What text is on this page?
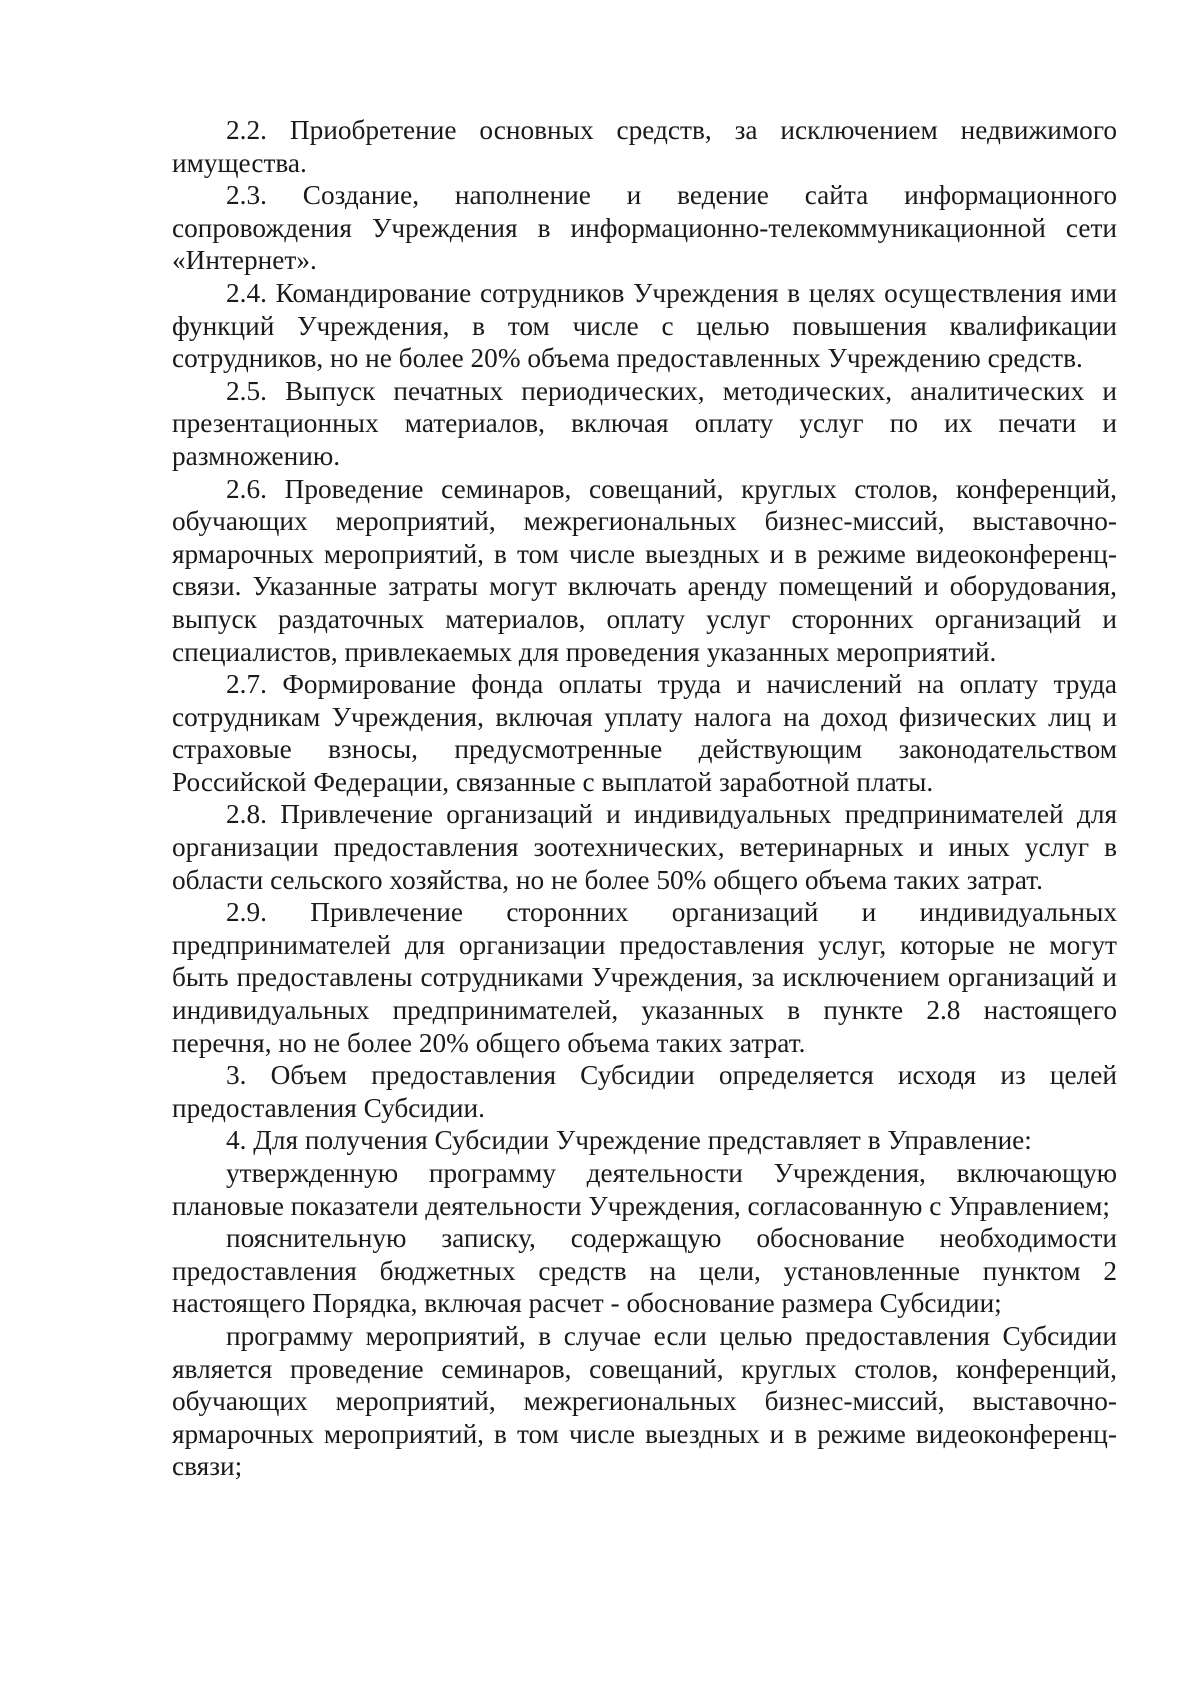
2.2. Приобретение основных средств, за исключением недвижимого имущества.

2.3. Создание, наполнение и ведение сайта информационного сопровождения Учреждения в информационно-телекоммуникационной сети «Интернет».

2.4. Командирование сотрудников Учреждения в целях осуществления ими функций Учреждения, в том числе с целью повышения квалификации сотрудников, но не более 20% объема предоставленных Учреждению средств.

2.5. Выпуск печатных периодических, методических, аналитических и презентационных материалов, включая оплату услуг по их печати и размножению.

2.6. Проведение семинаров, совещаний, круглых столов, конференций, обучающих мероприятий, межрегиональных бизнес-миссий, выставочно-ярмарочных мероприятий, в том числе выездных и в режиме видеоконференц-связи. Указанные затраты могут включать аренду помещений и оборудования, выпуск раздаточных материалов, оплату услуг сторонних организаций и специалистов, привлекаемых для проведения указанных мероприятий.

2.7. Формирование фонда оплаты труда и начислений на оплату труда сотрудникам Учреждения, включая уплату налога на доход физических лиц и страховые взносы, предусмотренные действующим законодательством Российской Федерации, связанные с выплатой заработной платы.

2.8. Привлечение организаций и индивидуальных предпринимателей для организации предоставления зоотехнических, ветеринарных и иных услуг в области сельского хозяйства, но не более 50% общего объема таких затрат.

2.9. Привлечение сторонних организаций и индивидуальных предпринимателей для организации предоставления услуг, которые не могут быть предоставлены сотрудниками Учреждения, за исключением организаций и индивидуальных предпринимателей, указанных в пункте 2.8 настоящего перечня, но не более 20% общего объема таких затрат.

3. Объем предоставления Субсидии определяется исходя из целей предоставления Субсидии.

4. Для получения Субсидии Учреждение представляет в Управление:

утвержденную программу деятельности Учреждения, включающую плановые показатели деятельности Учреждения, согласованную с Управлением;

пояснительную записку, содержащую обоснование необходимости предоставления бюджетных средств на цели, установленные пунктом 2 настоящего Порядка, включая расчет - обоснование размера Субсидии;

программу мероприятий, в случае если целью предоставления Субсидии является проведение семинаров, совещаний, круглых столов, конференций, обучающих мероприятий, межрегиональных бизнес-миссий, выставочно-ярмарочных мероприятий, в том числе выездных и в режиме видеоконференц-связи;
